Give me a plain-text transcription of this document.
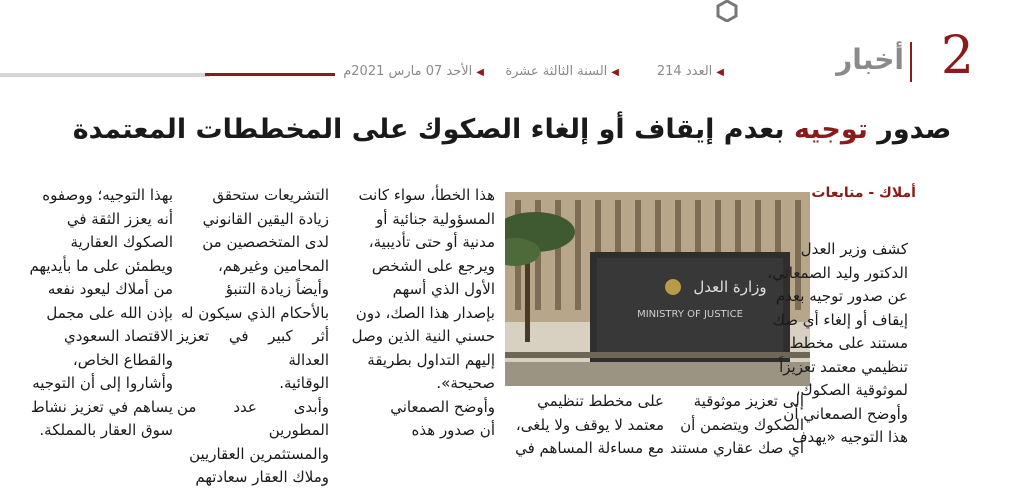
2
أخبار
◀العدد 214
◀السنة الثالثة عشرة
◀الأحد 07 مارس 2021م
صدور توجيه بعدم إيقاف أو إلغاء الصكوك على المخططات المعتمدة
أملاك - متابعات
وزارة العدل
MINISTRY OF JUSTICE
كشف وزير العدل
الدكتور وليد الصمعاني،
عن صدور توجيه بعدم
إيقاف أو إلغاء أي صك
مستند على مخطط
تنظيمي معتمد تعزيزاً
لموثوقية الصكوك،
وأوضح الصمعاني أن
هذا التوجيه «يهدف
إلى تعزيز موثوقية
الصكوك ويتضمن أن
أي صك عقاري مستند
على مخطط تنظيمي
معتمد لا يوقف ولا يلغى،
مع مساءلة المساهم في
هذا الخطأ، سواء كانت
المسؤولية جنائية أو
مدنية أو حتى تأديبية،
ويرجع على الشخص
الأول الذي أسهم
بإصدار هذا الصك، دون
حسني النية الذين وصل
إليهم التداول بطريقة
صحيحة».
وأوضح الصمعاني
أن صدور هذه
التشريعات ستحقق
زيادة اليقين القانوني
لدى المتخصصين من
المحامين وغيرهم،
وأيضاً زيادة التنبؤ
بالأحكام الذي سيكون له
أثر كبير في تعزيز العدالة
الوقائية.
وأبدى عدد من المطورين
والمستثمرين العقاريين
وملاك العقار سعادتهم
بهذا التوجيه؛ ووصفوه
أنه يعزز الثقة في
الصكوك العقارية
ويطمئن على ما بأيديهم
من أملاك ليعود نفعه
بإذن الله على مجمل
الاقتصاد السعودي
والقطاع الخاص،
وأشاروا إلى أن التوجيه
يساهم في تعزيز نشاط
سوق العقار بالمملكة.
